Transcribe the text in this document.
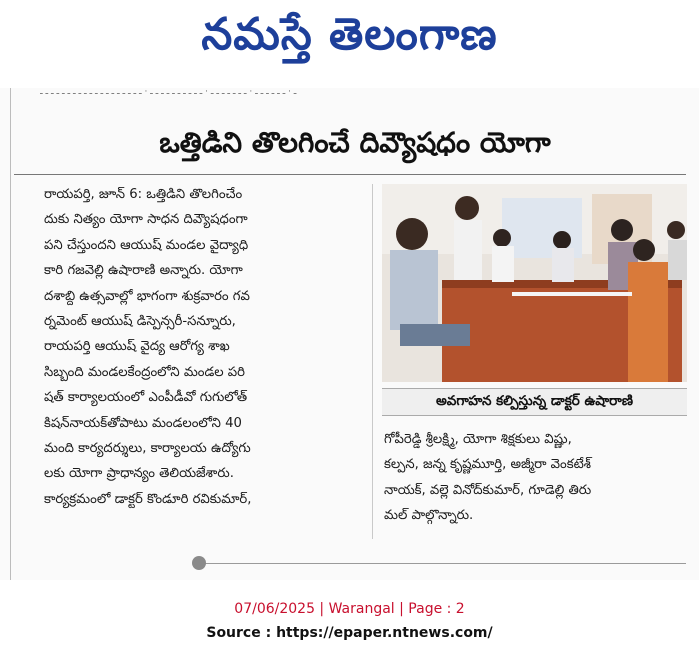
నమస్తే తెలంగాణ
ـ · ـ ـ ـ ـ ـ ـ · ـ ـ ـ ـ ـ ـ ـ · ـ ـ ـ ـ ـ ـ ـ ـ ـ ـ · ـ ـ ـ ـ ـ ـ ـ ـ ـ ـ ـ ـ ـ ـ ـ ـ ـ ـ ـ
ఒత్తిడిని తొలగించే దివ్యౌషధం యోగా

రాయపర్తి, జూన్ 6: ఒత్తిడిని తొలగించేం

దుకు నిత్యం యోగా సాధన దివ్యౌషధంగా

పని చేస్తుందని ఆయుష్ మండల వైద్యాధి

కారి గజవెల్లి ఉషారాణి అన్నారు. యోగా

దశాబ్ది ఉత్సవాల్లో భాగంగా శుక్రవారం గవ

ర్నమెంట్ ఆయుష్ డిస్పెన్సరీ-సన్నూరు,

రాయపర్తి ఆయుష్ వైద్య ఆరోగ్య శాఖ

సిబ్బంది మండలకేంద్రంలోని మండల పరి

షత్ కార్యాలయంలో ఎంపీడీవో గుగులోత్

కిషన్‌నాయక్‌తోపాటు మండలంలోని 40

మంది కార్యదర్శులు, కార్యాలయ ఉద్యోగు

లకు యోగా ప్రాధాన్యం తెలియజేశారు.

కార్యక్రమంలో డాక్టర్ కొండూరి రవికుమార్,

అవగాహన కల్పిస్తున్న డాక్టర్ ఉషారాణి

గోపీరెడ్డి శ్రీలక్ష్మి, యోగా శిక్షకులు విష్ణు,

కల్పన, జన్న కృష్ణమూర్తి, అజ్మీరా వెంకటేశ్

నాయక్, వల్లె వినోద్‌కుమార్, గూడెల్లి తిరు

మల్ పాల్గొన్నారు.

07/06/2025 | Warangal | Page : 2
Source : https://epaper.ntnews.com/
